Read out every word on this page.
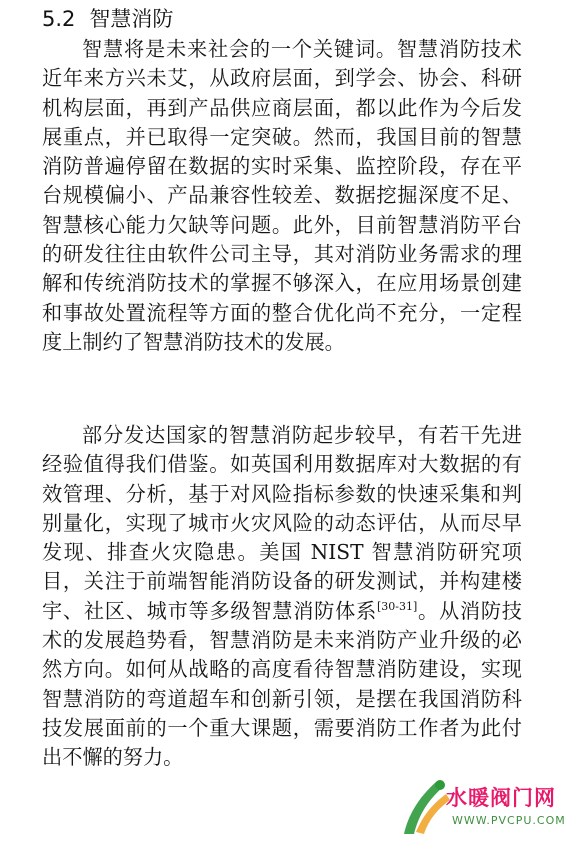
5.2 智慧消防

智慧将是未来社会的一个关键词。智慧消防技术近年来方兴未艾，从政府层面，到学会、协会、科研机构层面，再到产品供应商层面，都以此作为今后发展重点，并已取得一定突破。然而，我国目前的智慧消防普遍停留在数据的实时采集、监控阶段，存在平台规模偏小、产品兼容性较差、数据挖掘深度不足、智慧核心能力欠缺等问题。此外，目前智慧消防平台的研发往往由软件公司主导，其对消防业务需求的理解和传统消防技术的掌握不够深入，在应用场景创建和事故处置流程等方面的整合优化尚不充分，一定程度上制约了智慧消防技术的发展。

部分发达国家的智慧消防起步较早，有若干先进经验值得我们借鉴。如英国利用数据库对大数据的有效管理、分析，基于对风险指标参数的快速采集和判别量化，实现了城市火灾风险的动态评估，从而尽早发现、排查火灾隐患。美国 NIST 智慧消防研究项目，关注于前端智能消防设备的研发测试，并构建楼宇、社区、城市等多级智慧消防体系[30-31]。从消防技术的发展趋势看，智慧消防是未来消防产业升级的必然方向。如何从战略的高度看待智慧消防建设，实现智慧消防的弯道超车和创新引领，是摆在我国消防科技发展面前的一个重大课题，需要消防工作者为此付出不懈的努力。

水暖阀门网
WWW.PVCPU.COM
